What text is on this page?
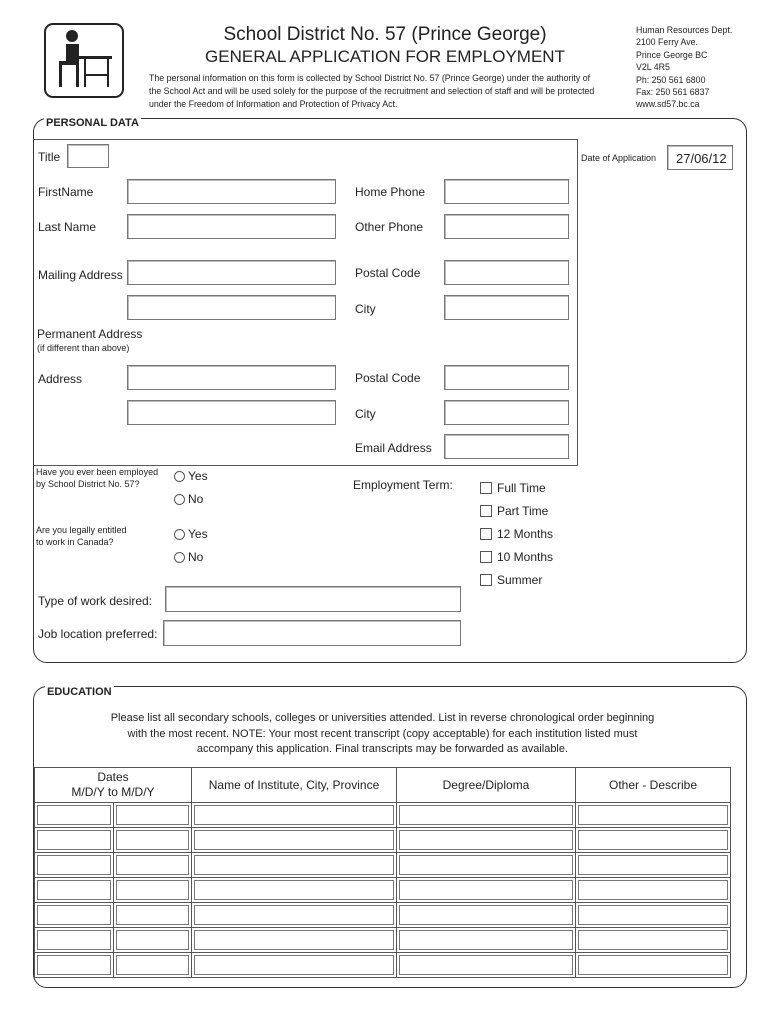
School District No. 57 (Prince George)
GENERAL APPLICATION FOR EMPLOYMENT
The personal information on this form is collected by School District No. 57 (Prince George) under the authority of
the School Act and will be used solely for the purpose of the recruitment and selection of staff and will be protected
under the Freedom of Information and Protection of Privacy Act.
Human Resources Dept.
2100 Ferry Ave.
Prince George BC
V2L 4R5
Ph: 250 561 6800
Fax: 250 561 6837
www.sd57.bc.ca
PERSONAL DATA
Title	Date of Application 27/06/12
FirstName	Home Phone
Last Name	Other Phone
Mailing Address	Postal Code
City
Permanent Address
(if different than above)
Address	Postal Code
City
Email Address
Have you ever been employed
by School District No. 57?
Yes
No
Are you legally entitled
to work in Canada?
Yes
No
Employment Term:	Full Time
Part Time
12 Months
10 Months
Summer
Type of work desired:
Job location preferred:
EDUCATION
Please list all secondary schools, colleges or universities attended. List in reverse chronological order beginning
with the most recent. NOTE: Your most recent transcript (copy acceptable) for each institution listed must
accompany this application. Final transcripts may be forwarded as available.
Dates
M/D/Y to M/D/Y		Name of Institute, City, Province	Degree/Diploma	Other - Describe
